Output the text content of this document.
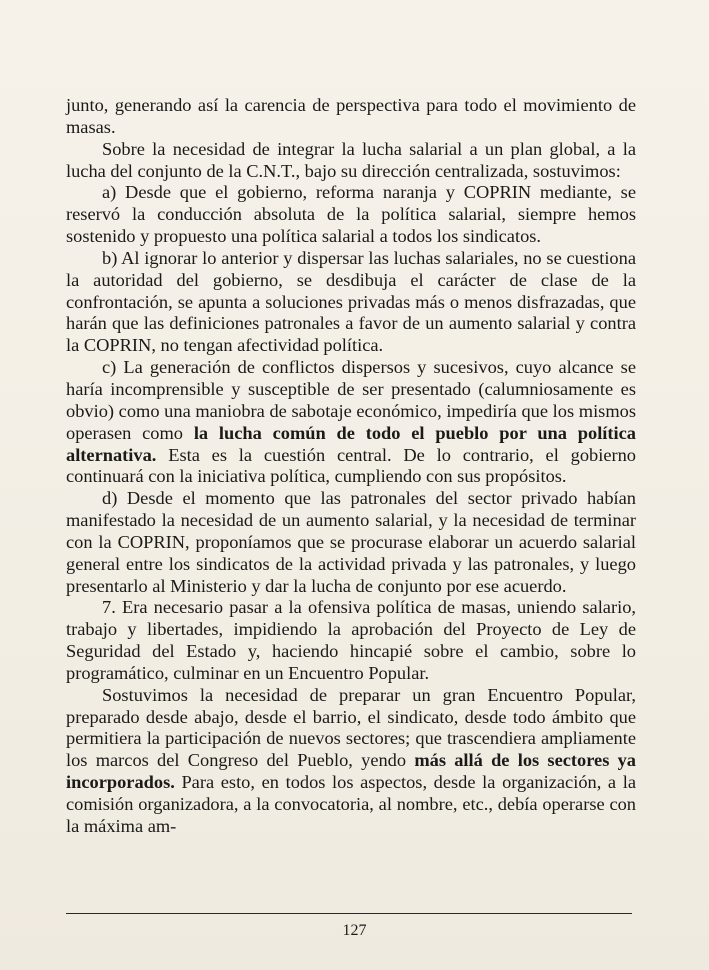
junto, generando así la carencia de perspectiva para todo el movimiento de masas.

Sobre la necesidad de integrar la lucha salarial a un plan global, a la lucha del conjunto de la C.N.T., bajo su dirección centralizada, sostuvimos:

a) Desde que el gobierno, reforma naranja y COPRIN mediante, se reservó la conducción absoluta de la política salarial, siempre hemos sostenido y propuesto una política salarial a todos los sindicatos.

b) Al ignorar lo anterior y dispersar las luchas salariales, no se cuestiona la autoridad del gobierno, se desdibuja el carácter de clase de la confrontación, se apunta a soluciones privadas más o menos disfrazadas, que harán que las definiciones patronales a favor de un aumento salarial y contra la COPRIN, no tengan afectividad política.

c) La generación de conflictos dispersos y sucesivos, cuyo alcance se haría incomprensible y susceptible de ser presentado (calumniosamente es obvio) como una maniobra de sabotaje económico, impediría que los mismos operasen como la lucha común de todo el pueblo por una política alternativa. Esta es la cuestión central. De lo contrario, el gobierno continuará con la iniciativa política, cumpliendo con sus propósitos.

d) Desde el momento que las patronales del sector privado habían manifestado la necesidad de un aumento salarial, y la necesidad de terminar con la COPRIN, proponíamos que se procurase elaborar un acuerdo salarial general entre los sindicatos de la actividad privada y las patronales, y luego presentarlo al Ministerio y dar la lucha de conjunto por ese acuerdo.

7. Era necesario pasar a la ofensiva política de masas, uniendo salario, trabajo y libertades, impidiendo la aprobación del Proyecto de Ley de Seguridad del Estado y, haciendo hincapié sobre el cambio, sobre lo programático, culminar en un Encuentro Popular.

Sostuvimos la necesidad de preparar un gran Encuentro Popular, preparado desde abajo, desde el barrio, el sindicato, desde todo ámbito que permitiera la participación de nuevos sectores; que trascendiera ampliamente los marcos del Congreso del Pueblo, yendo más allá de los sectores ya incorporados. Para esto, en todos los aspectos, desde la organización, a la comisión organizadora, a la convocatoria, al nombre, etc., debía operarse con la máxima am-

127
